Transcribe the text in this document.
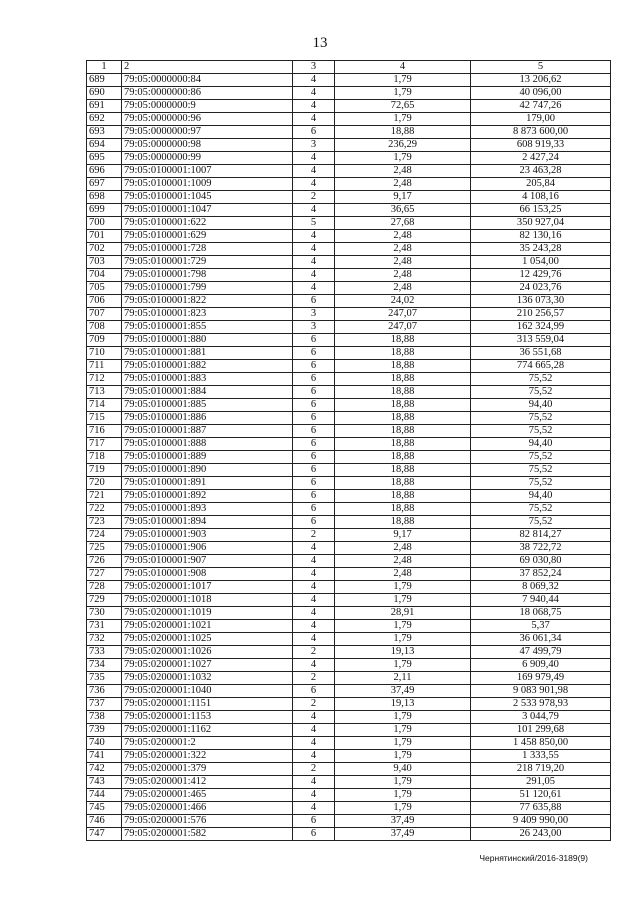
13
1	2	3	4	5
689	79:05:0000000:84	4	1,79	13 206,62
690	79:05:0000000:86	4	1,79	40 096,00
691	79:05:0000000:9	4	72,65	42 747,26
692	79:05:0000000:96	4	1,79	179,00
693	79:05:0000000:97	6	18,88	8 873 600,00
694	79:05:0000000:98	3	236,29	608 919,33
695	79:05:0000000:99	4	1,79	2 427,24
696	79:05:0100001:1007	4	2,48	23 463,28
697	79:05:0100001:1009	4	2,48	205,84
698	79:05:0100001:1045	2	9,17	4 108,16
699	79:05:0100001:1047	4	36,65	66 153,25
700	79:05:0100001:622	5	27,68	350 927,04
701	79:05:0100001:629	4	2,48	82 130,16
702	79:05:0100001:728	4	2,48	35 243,28
703	79:05:0100001:729	4	2,48	1 054,00
704	79:05:0100001:798	4	2,48	12 429,76
705	79:05:0100001:799	4	2,48	24 023,76
706	79:05:0100001:822	6	24,02	136 073,30
707	79:05:0100001:823	3	247,07	210 256,57
708	79:05:0100001:855	3	247,07	162 324,99
709	79:05:0100001:880	6	18,88	313 559,04
710	79:05:0100001:881	6	18,88	36 551,68
711	79:05:0100001:882	6	18,88	774 665,28
712	79:05:0100001:883	6	18,88	75,52
713	79:05:0100001:884	6	18,88	75,52
714	79:05:0100001:885	6	18,88	94,40
715	79:05:0100001:886	6	18,88	75,52
716	79:05:0100001:887	6	18,88	75,52
717	79:05:0100001:888	6	18,88	94,40
718	79:05:0100001:889	6	18,88	75,52
719	79:05:0100001:890	6	18,88	75,52
720	79:05:0100001:891	6	18,88	75,52
721	79:05:0100001:892	6	18,88	94,40
722	79:05:0100001:893	6	18,88	75,52
723	79:05:0100001:894	6	18,88	75,52
724	79:05:0100001:903	2	9,17	82 814,27
725	79:05:0100001:906	4	2,48	38 722,72
726	79:05:0100001:907	4	2,48	69 030,80
727	79:05:0100001:908	4	2,48	37 852,24
728	79:05:0200001:1017	4	1,79	8 069,32
729	79:05:0200001:1018	4	1,79	7 940,44
730	79:05:0200001:1019	4	28,91	18 068,75
731	79:05:0200001:1021	4	1,79	5,37
732	79:05:0200001:1025	4	1,79	36 061,34
733	79:05:0200001:1026	2	19,13	47 499,79
734	79:05:0200001:1027	4	1,79	6 909,40
735	79:05:0200001:1032	2	2,11	169 979,49
736	79:05:0200001:1040	6	37,49	9 083 901,98
737	79:05:0200001:1151	2	19,13	2 533 978,93
738	79:05:0200001:1153	4	1,79	3 044,79
739	79:05:0200001:1162	4	1,79	101 299,68
740	79:05:0200001:2	4	1,79	1 458 850,00
741	79:05:0200001:322	4	1,79	1 333,55
742	79:05:0200001:379	2	9,40	218 719,20
743	79:05:0200001:412	4	1,79	291,05
744	79:05:0200001:465	4	1,79	51 120,61
745	79:05:0200001:466	4	1,79	77 635,88
746	79:05:0200001:576	6	37,49	9 409 990,00
747	79:05:0200001:582	6	37,49	26 243,00
Чернятинский/2016-3189(9)
